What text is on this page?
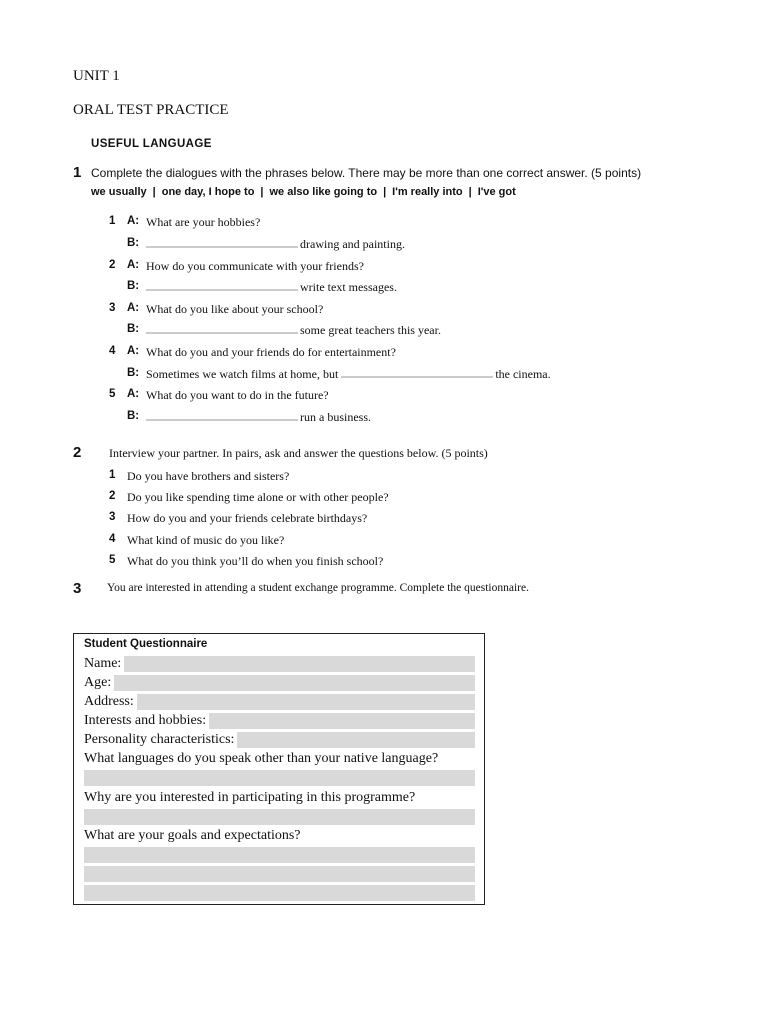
UNIT 1
ORAL TEST PRACTICE
USEFUL LANGUAGE
1 Complete the dialogues with the phrases below. There may be more than one correct answer. (5 points)
we usually | one day, I hope to | we also like going to | I'm really into | I've got
1 A: What are your hobbies?
B:	drawing and painting.
2 A: How do you communicate with your friends?
B:	write text messages.
3 A: What do you like about your school?
B:	some great teachers this year.
4 A: What do you and your friends do for entertainment?
B: Sometimes we watch films at home, but	the cinema.
5 A: What do you want to do in the future?
B:	run a business.
2 Interview your partner. In pairs, ask and answer the questions below. (5 points)
1 Do you have brothers and sisters?
2 Do you like spending time alone or with other people?
3 How do you and your friends celebrate birthdays?
4 What kind of music do you like?
5 What do you think you’ll do when you finish school?
3 You are interested in attending a student exchange programme. Complete the questionnaire.
Student Questionnaire
Name:
Age:
Address:
Interests and hobbies:
Personality characteristics:
What languages do you speak other than your native language?
Why are you interested in participating in this programme?
What are your goals and expectations?
